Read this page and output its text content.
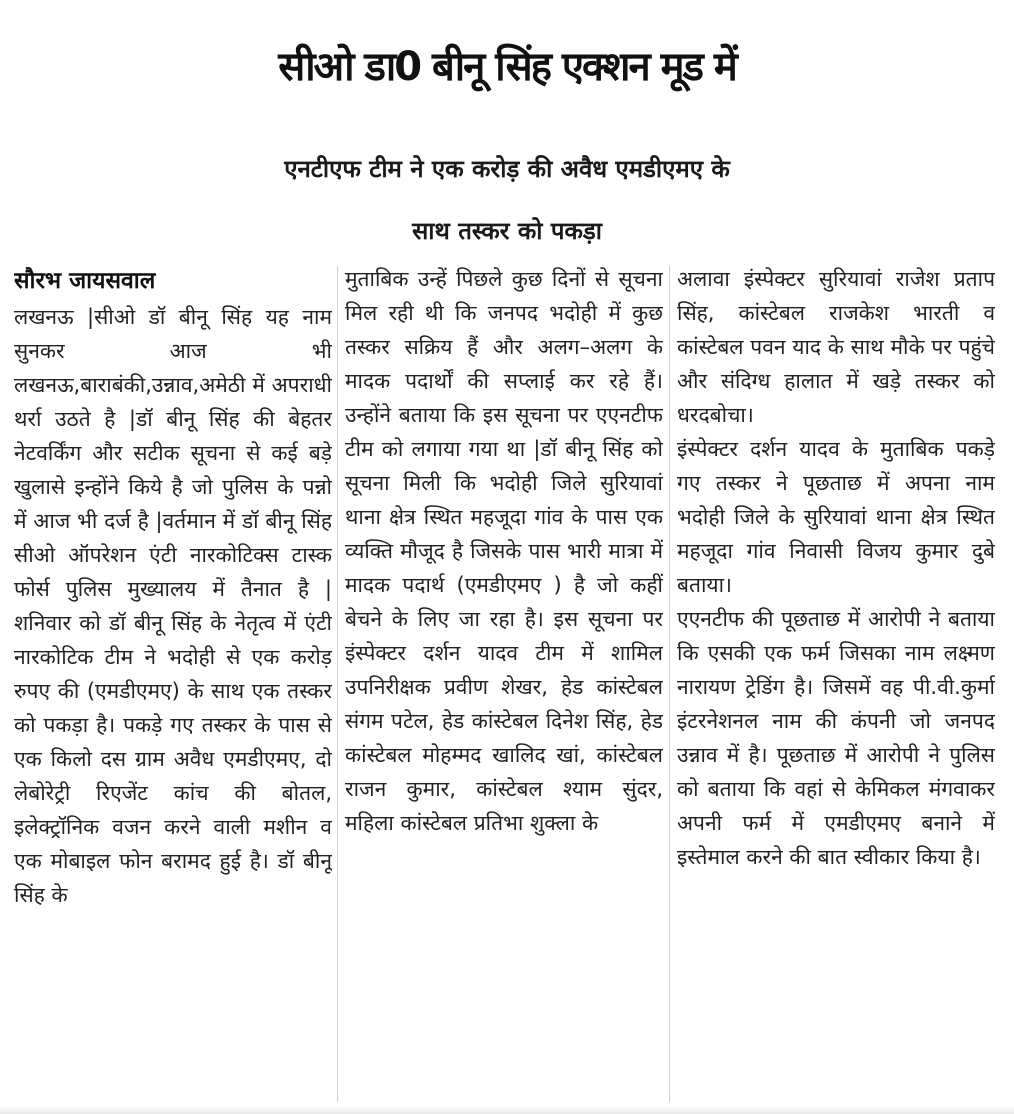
सीओ डा0 बीनू सिंह एक्शन मूड में
एनटीएफ टीम ने एक करोड़ की अवैध एमडीएमए के
साथ तस्कर को पकड़ा

सौरभ जायसवाल

लखनऊ |सीओ डॉ बीनू सिंह यह नाम सुनकर आज भी लखनऊ,बाराबंकी,उन्नाव,अमेठी में अपराधी थर्रा उठते है |डॉ बीनू सिंह की बेहतर नेटवर्किंग और सटीक सूचना से कई बड़े खुलासे इन्होंने किये है जो पुलिस के पन्नो में आज भी दर्ज है |वर्तमान में डॉ बीनू सिंह सीओ ऑपरेशन एंटी नारकोटिक्स टास्क फोर्स पुलिस मुख्यालय में तैनात है |शनिवार को डॉ बीनू सिंह के नेतृत्व में एंटी नारकोटिक टीम ने भदोही से एक करोड़ रुपए की (एमडीएमए) के साथ एक तस्कर को पकड़ा है। पकड़े गए तस्कर के पास से एक किलो दस ग्राम अवैध एमडीएमए, दो लेबोरेट्री रिएजेंट कांच की बोतल, इलेक्ट्रॉनिक वजन करने वाली मशीन व एक मोबाइल फोन बरामद हुई है। डॉ बीनू सिंह के

मुताबिक उन्हें पिछले कुछ दिनों से सूचना मिल रही थी कि जनपद भदोही में कुछ तस्कर सक्रिय हैं और अलग–अलग के मादक पदार्थों की सप्लाई कर रहे हैं। उन्होंने बताया कि इस सूचना पर एएनटीफ टीम को लगाया गया था |डॉ बीनू सिंह को सूचना मिली कि भदोही जिले सुरियावां थाना क्षेत्र स्थित महजूदा गांव के पास एक व्यक्ति मौजूद है जिसके पास भारी मात्रा में मादक पदार्थ (एमडीएमए ) है जो कहीं बेचने के लिए जा रहा है। इस सूचना पर इंस्पेक्टर दर्शन यादव टीम में शामिल उपनिरीक्षक प्रवीण शेखर, हेड कांस्टेबल संगम पटेल, हेड कांस्टेबल दिनेश सिंह, हेड कांस्टेबल मोहम्मद खालिद खां, कांस्टेबल राजन कुमार, कांस्टेबल श्याम सुंदर, महिला कांस्टेबल प्रतिभा शुक्ला के

अलावा इंस्पेक्टर सुरियावां राजेश प्रताप सिंह, कांस्टेबल राजकेश भारती व कांस्टेबल पवन याद के साथ मौके पर पहुंचे और संदिग्ध हालात में खड़े तस्कर को धरदबोचा।

इंस्पेक्टर दर्शन यादव के मुताबिक पकड़े गए तस्कर ने पूछताछ में अपना नाम भदोही जिले के सुरियावां थाना क्षेत्र स्थित महजूदा गांव निवासी विजय कुमार दुबे बताया।

एएनटीफ की पूछताछ में आरोपी ने बताया कि एसकी एक फर्म जिसका नाम लक्ष्मण नारायण ट्रेडिंग है। जिसमें वह पी.वी.कुर्मा इंटरनेशनल नाम की कंपनी जो जनपद उन्नाव में है। पूछताछ में आरोपी ने पुलिस को बताया कि वहां से केमिकल मंगवाकर अपनी फर्म में एमडीएमए बनाने में इस्तेमाल करने की बात स्वीकार किया है।
